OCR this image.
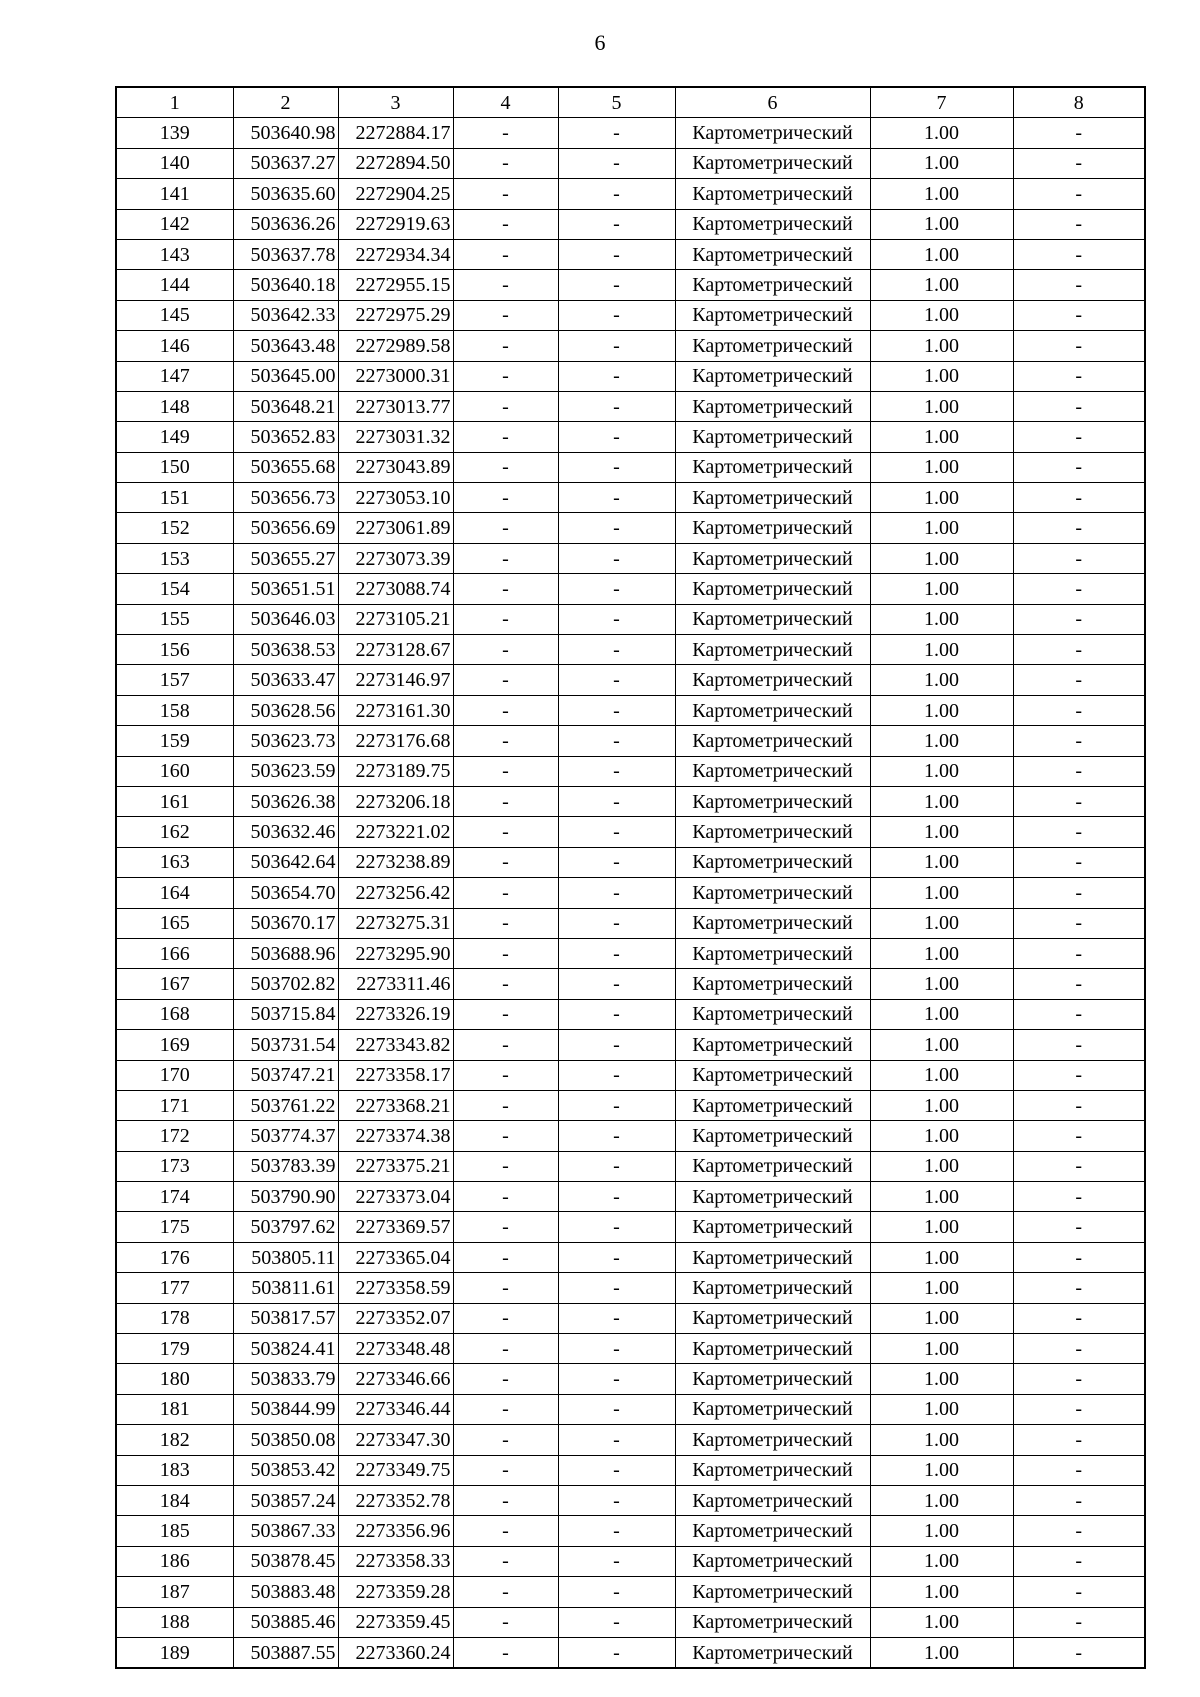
6
1	2	3	4	5	6	7	8
139	503640.98	2272884.17	-	-	Картометрический	1.00	-
140	503637.27	2272894.50	-	-	Картометрический	1.00	-
141	503635.60	2272904.25	-	-	Картометрический	1.00	-
142	503636.26	2272919.63	-	-	Картометрический	1.00	-
143	503637.78	2272934.34	-	-	Картометрический	1.00	-
144	503640.18	2272955.15	-	-	Картометрический	1.00	-
145	503642.33	2272975.29	-	-	Картометрический	1.00	-
146	503643.48	2272989.58	-	-	Картометрический	1.00	-
147	503645.00	2273000.31	-	-	Картометрический	1.00	-
148	503648.21	2273013.77	-	-	Картометрический	1.00	-
149	503652.83	2273031.32	-	-	Картометрический	1.00	-
150	503655.68	2273043.89	-	-	Картометрический	1.00	-
151	503656.73	2273053.10	-	-	Картометрический	1.00	-
152	503656.69	2273061.89	-	-	Картометрический	1.00	-
153	503655.27	2273073.39	-	-	Картометрический	1.00	-
154	503651.51	2273088.74	-	-	Картометрический	1.00	-
155	503646.03	2273105.21	-	-	Картометрический	1.00	-
156	503638.53	2273128.67	-	-	Картометрический	1.00	-
157	503633.47	2273146.97	-	-	Картометрический	1.00	-
158	503628.56	2273161.30	-	-	Картометрический	1.00	-
159	503623.73	2273176.68	-	-	Картометрический	1.00	-
160	503623.59	2273189.75	-	-	Картометрический	1.00	-
161	503626.38	2273206.18	-	-	Картометрический	1.00	-
162	503632.46	2273221.02	-	-	Картометрический	1.00	-
163	503642.64	2273238.89	-	-	Картометрический	1.00	-
164	503654.70	2273256.42	-	-	Картометрический	1.00	-
165	503670.17	2273275.31	-	-	Картометрический	1.00	-
166	503688.96	2273295.90	-	-	Картометрический	1.00	-
167	503702.82	2273311.46	-	-	Картометрический	1.00	-
168	503715.84	2273326.19	-	-	Картометрический	1.00	-
169	503731.54	2273343.82	-	-	Картометрический	1.00	-
170	503747.21	2273358.17	-	-	Картометрический	1.00	-
171	503761.22	2273368.21	-	-	Картометрический	1.00	-
172	503774.37	2273374.38	-	-	Картометрический	1.00	-
173	503783.39	2273375.21	-	-	Картометрический	1.00	-
174	503790.90	2273373.04	-	-	Картометрический	1.00	-
175	503797.62	2273369.57	-	-	Картометрический	1.00	-
176	503805.11	2273365.04	-	-	Картометрический	1.00	-
177	503811.61	2273358.59	-	-	Картометрический	1.00	-
178	503817.57	2273352.07	-	-	Картометрический	1.00	-
179	503824.41	2273348.48	-	-	Картометрический	1.00	-
180	503833.79	2273346.66	-	-	Картометрический	1.00	-
181	503844.99	2273346.44	-	-	Картометрический	1.00	-
182	503850.08	2273347.30	-	-	Картометрический	1.00	-
183	503853.42	2273349.75	-	-	Картометрический	1.00	-
184	503857.24	2273352.78	-	-	Картометрический	1.00	-
185	503867.33	2273356.96	-	-	Картометрический	1.00	-
186	503878.45	2273358.33	-	-	Картометрический	1.00	-
187	503883.48	2273359.28	-	-	Картометрический	1.00	-
188	503885.46	2273359.45	-	-	Картометрический	1.00	-
189	503887.55	2273360.24	-	-	Картометрический	1.00	-
